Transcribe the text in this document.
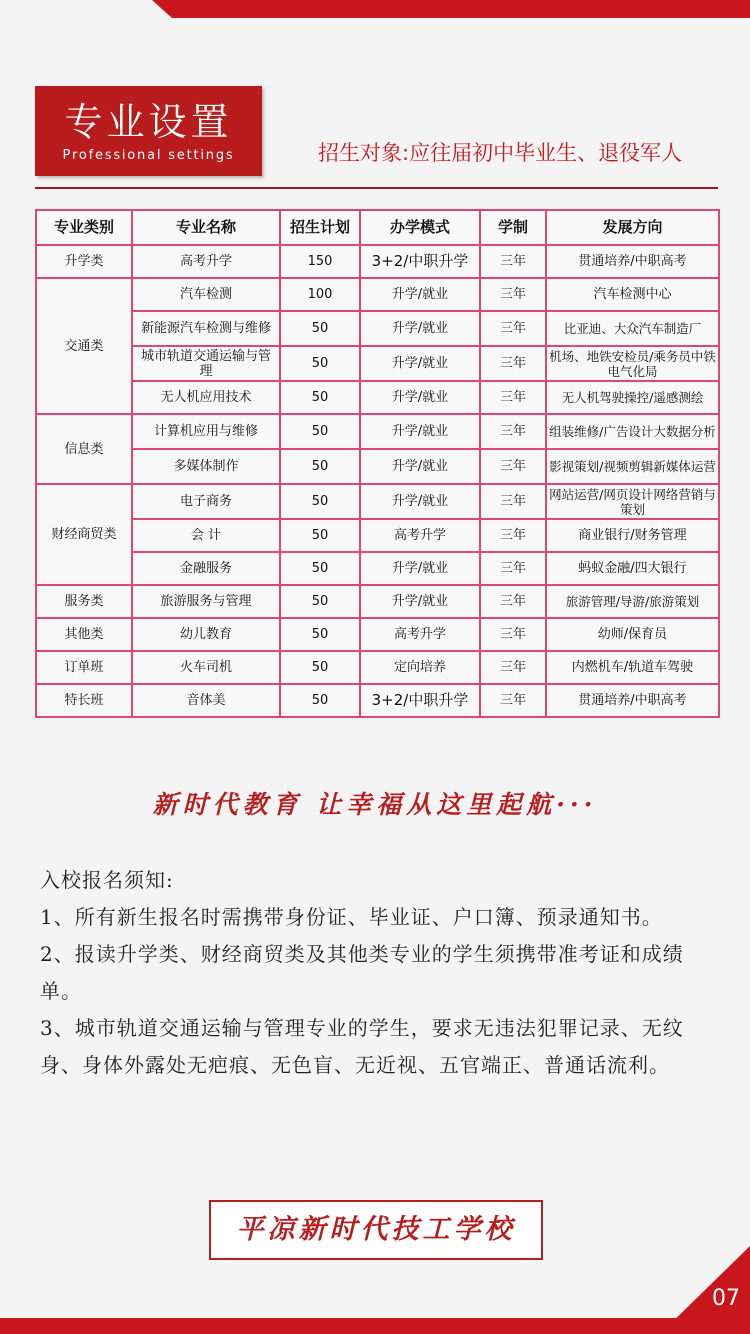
专业设置
Professional settings	招生对象:应往届初中毕业生、退役军人
专业类别	专业名称	招生计划	办学模式	学制	发展方向
升学类	高考升学	150	3+2/中职升学	三年	贯通培养/中职高考
交通类	汽车检测	100	升学/就业	三年	汽车检测中心
	新能源汽车检测与维修	50	升学/就业	三年	比亚迪、大众汽车制造厂
	城市轨道交通运输与管理	50	升学/就业	三年	机场、地铁安检员/乘务员中铁电气化局
	无人机应用技术	50	升学/就业	三年	无人机驾驶操控/遥感测绘
信息类	计算机应用与维修	50	升学/就业	三年	组装维修/广告设计大数据分析
	多媒体制作	50	升学/就业	三年	影视策划/视频剪辑新媒体运营
财经商贸类	电子商务	50	升学/就业	三年	网站运营/网页设计网络营销与策划
	会 计	50	高考升学	三年	商业银行/财务管理
	金融服务	50	升学/就业	三年	蚂蚁金融/四大银行
服务类	旅游服务与管理	50	升学/就业	三年	旅游管理/导游/旅游策划
其他类	幼儿教育	50	高考升学	三年	幼师/保育员
订单班	火车司机	50	定向培养	三年	内燃机车/轨道车驾驶
特长班	音体美	50	3+2/中职升学	三年	贯通培养/中职高考
新时代教育 让幸福从这里起航···

入校报名须知:

1、所有新生报名时需携带身份证、毕业证、户口簿、预录通知书。

2、报读升学类、财经商贸类及其他类专业的学生须携带准考证和成绩单。

3、城市轨道交通运输与管理专业的学生，要求无违法犯罪记录、无纹身、身体外露处无疤痕、无色盲、无近视、五官端正、普通话流利。

平凉新时代技工学校
07
